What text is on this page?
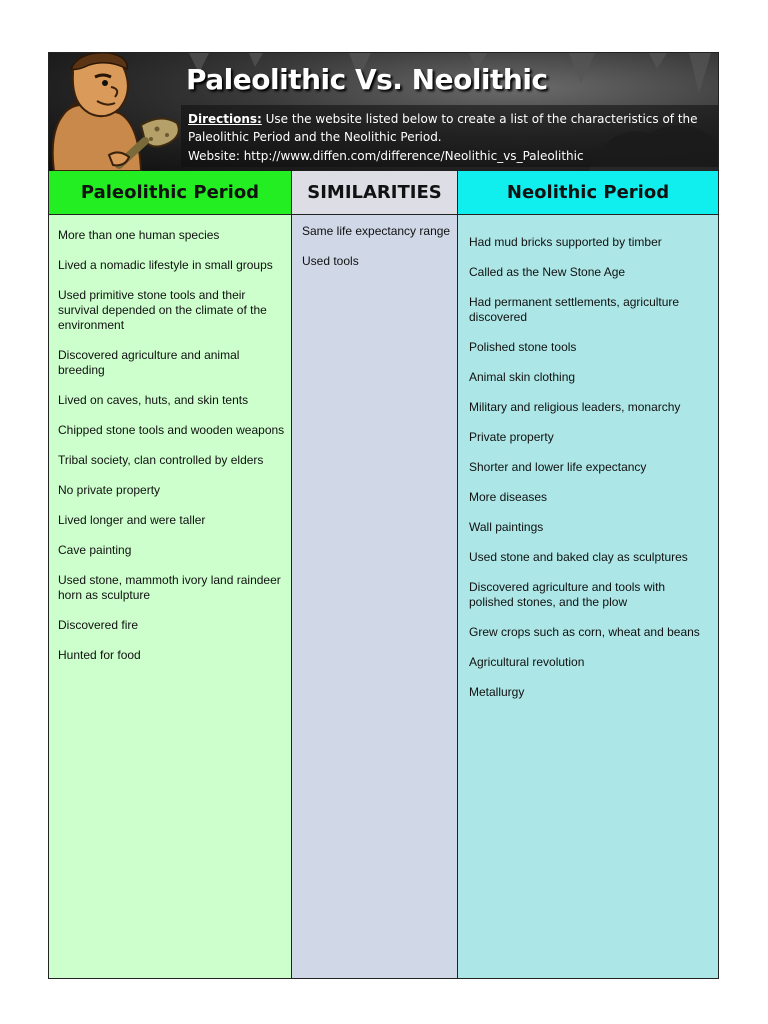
Paleolithic Vs. Neolithic
Directions: Use the website listed below to create a list of the characteristics of the Paleolithic Period and the Neolithic Period.
Website: http://www.diffen.com/difference/Neolithic_vs_Paleolithic
Paleolithic Period
More than one human species
Lived a nomadic lifestyle in small groups
Used primitive stone tools and their survival depended on the climate of the environment
Discovered agriculture and animal breeding
Lived on caves, huts, and skin tents
Chipped stone tools and wooden weapons
Tribal society, clan controlled by elders
No private property
Lived longer and were taller
Cave painting
Used stone, mammoth ivory land raindeer horn as sculpture
Discovered fire
Hunted for food
SIMILARITIES
Same life expectancy range
Used tools
Neolithic Period
Had mud bricks supported by timber
Called as the New Stone Age
Had permanent settlements, agriculture discovered
Polished stone tools
Animal skin clothing
Military and religious leaders, monarchy
Private property
Shorter and lower life expectancy
More diseases
Wall paintings
Used stone and baked clay as sculptures
Discovered agriculture and tools with polished stones, and the plow
Grew crops such as corn, wheat and beans
Agricultural revolution
Metallurgy
